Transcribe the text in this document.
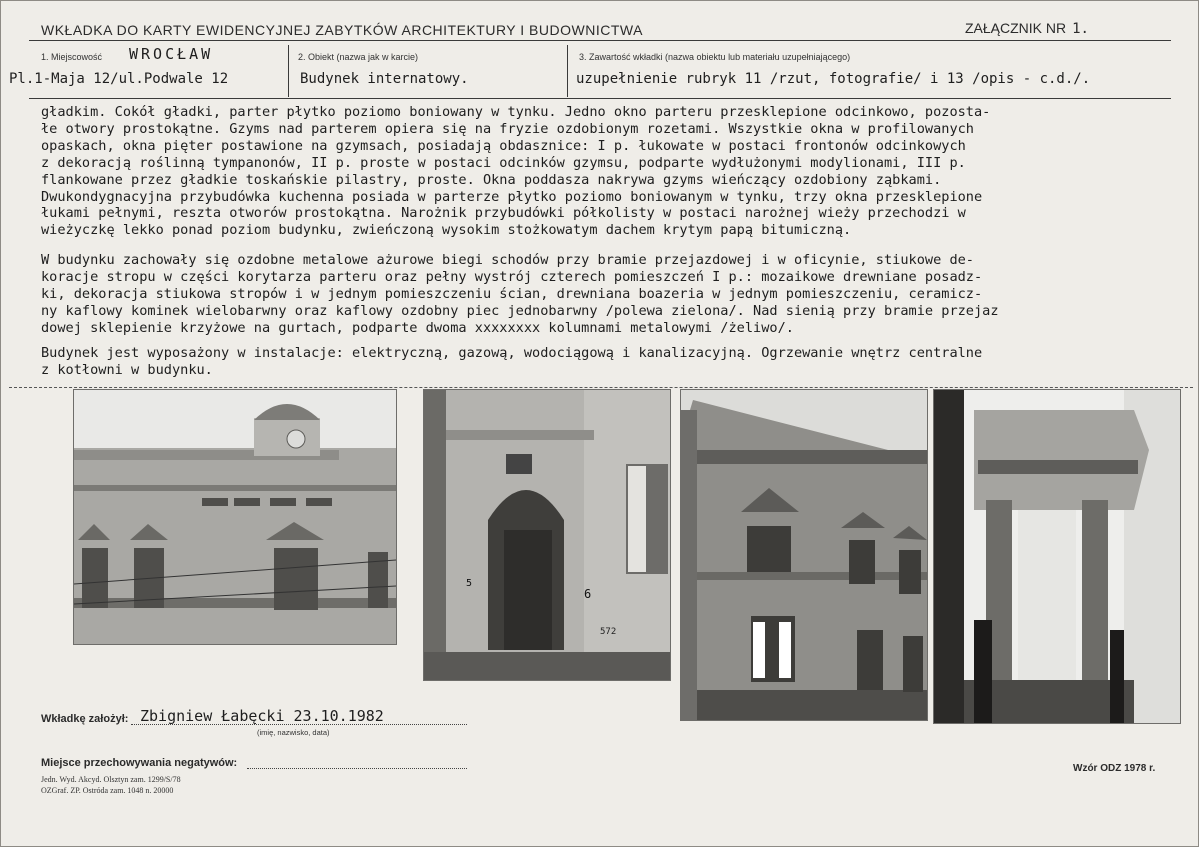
WKŁADKA DO KARTY EWIDENCYJNEJ ZABYTKÓW ARCHITEKTURY I BUDOWNICTWA	ZAŁĄCZNIK NR 1.
1. Miejscowość WROCŁAW
Pl.1-Maja 12/ul.Podwale 12
2. Obiekt (nazwa jak w karcie)
Budynek internatowy.
3. Zawartość wkładki (nazwa obiektu lub materiału uzupełniającego)
uzupełnienie rubryk 11 /rzut, fotografie/ i 13 /opis - c.d./.
gładkim. Cokół gładki, parter płytko poziomo boniowany w tynku. Jedno okno parteru przesklepione odcinkowo, pozosta-
łe otwory prostokątne. Gzyms nad parterem opiera się na fryzie ozdobionym rozetami. Wszystkie okna w profilowanych
opaskach, okna pięter postawione na gzymsach, posiadają obdasznice: I p. łukowate w postaci frontonów odcinkowych
z dekoracją roślinną tympanonów, II p. proste w postaci odcinków gzymsu, podparte wydłużonymi modylionami, III p.
flankowane przez gładkie toskańskie pilastry, proste. Okna poddasza nakrywa gzyms wieńczący ozdobiony ząbkami.
Dwukondygnacyjna przybudówka kuchenna posiada w parterze płytko poziomo boniowanym w tynku, trzy okna przesklepione
łukami pełnymi, reszta otworów prostokątna. Narożnik przybudówki półkolisty w postaci narożnej wieży przechodzi w
wieżyczkę lekko ponad poziom budynku, zwieńczoną wysokim stożkowatym dachem krytym papą bitumiczną.
W budynku zachowały się ozdobne metalowe ażurowe biegi schodów przy bramie przejazdowej i w oficynie, stiukowe de-
koracje stropu w części korytarza parteru oraz pełny wystrój czterech pomieszczeń I p.: mozaikowe drewniane posadz-
ki, dekoracja stiukowa stropów i w jednym pomieszczeniu ścian, drewniana boazeria w jednym pomieszczeniu, ceramicz-
ny kaflowy kominek wielobarwny oraz kaflowy ozdobny piec jednobarwny /polewa zielona/. Nad sienią przy bramie przejaz
dowej sklepienie krzyżowe na gurtach, podparte dwoma xxxxxxxx kolumnami metalowymi /żeliwo/.
Budynek jest wyposażony w instalacje: elektryczną, gazową, wodociągową i kanalizacyjną. Ogrzewanie wnętrz centralne
z kotłowni w budynku.
5
6
572
Wkładkę założył: Zbigniew Łabęcki 23.10.1982
(imię, nazwisko, data)
Miejsce przechowywania negatywów:
Jedn. Wyd. Akcyd. Olsztyn zam. 1299/S/78
OZGraf. ZP. Ostróda zam. 1048 n. 20000
Wzór ODZ 1978 r.
